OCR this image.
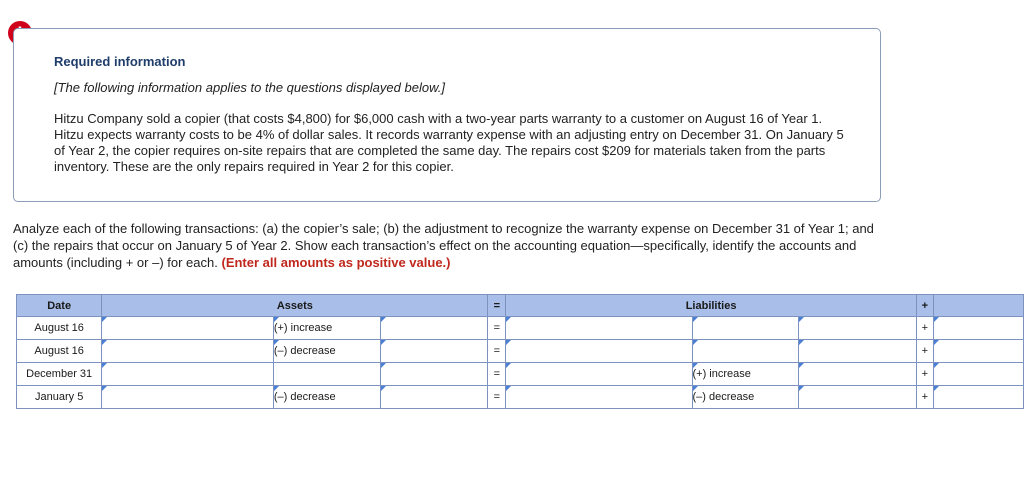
Required information
[The following information applies to the questions displayed below.]
Hitzu Company sold a copier (that costs $4,800) for $6,000 cash with a two-year parts warranty to a customer on August 16 of Year 1. Hitzu expects warranty costs to be 4% of dollar sales. It records warranty expense with an adjusting entry on December 31. On January 5 of Year 2, the copier requires on-site repairs that are completed the same day. The repairs cost $209 for materials taken from the parts inventory. These are the only repairs required in Year 2 for this copier.
Analyze each of the following transactions: (a) the copier’s sale; (b) the adjustment to recognize the warranty expense on December 31 of Year 1; and (c) the repairs that occur on January 5 of Year 2. Show each transaction’s effect on the accounting equation—specifically, identify the accounts and amounts (including + or –) for each. (Enter all amounts as positive value.)
Date	Assets			=	Liabilities			+	
August 16		(+) increase		=				+	
August 16		(–) decrease		=				+	
December 31				=		(+) increase		+	
January 5		(–) decrease		=		(–) decrease		+	
